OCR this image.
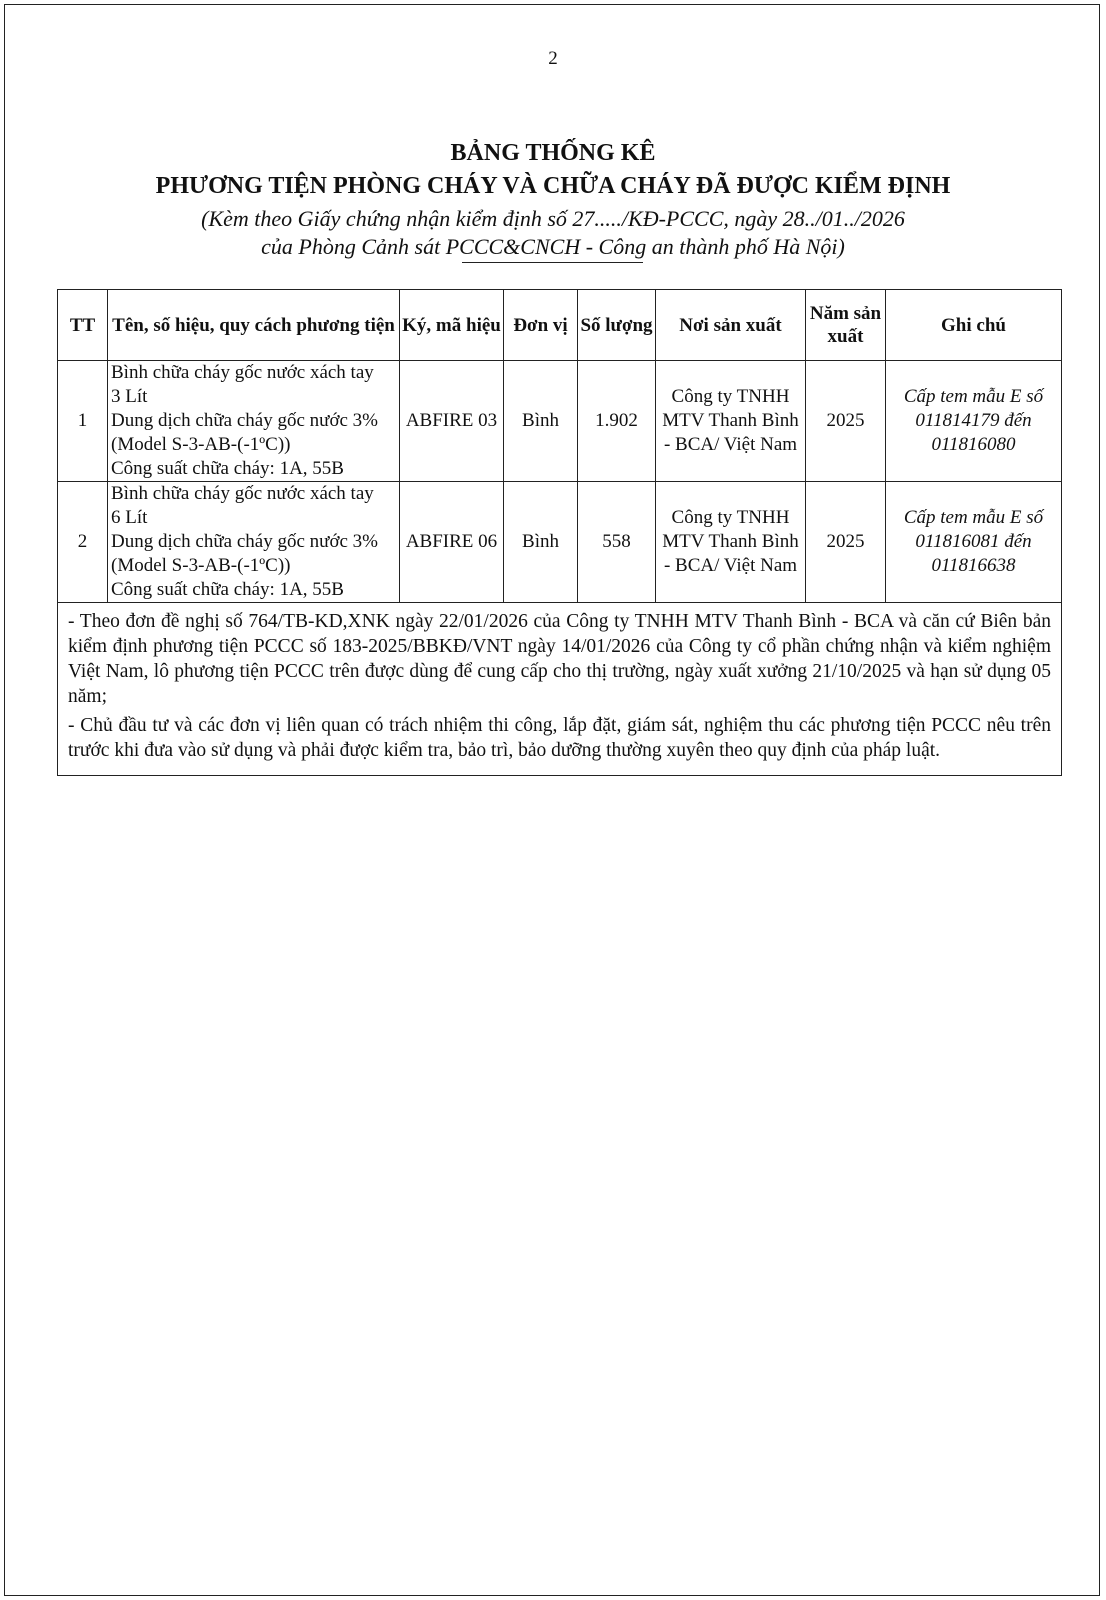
2
BẢNG THỐNG KÊ
PHƯƠNG TIỆN PHÒNG CHÁY VÀ CHỮA CHÁY ĐÃ ĐƯỢC KIỂM ĐỊNH
(Kèm theo Giấy chứng nhận kiểm định số 27...../KĐ-PCCC, ngày 28../01../2026
của Phòng Cảnh sát PCCC&CNCH - Công an thành phố Hà Nội)
TT	Tên, số hiệu, quy cách phương tiện	Ký, mã hiệu	Đơn vị	Số lượng	Nơi sản xuất	Năm sản xuất	Ghi chú
1	Bình chữa cháy gốc nước xách tay
3 Lít
Dung dịch chữa cháy gốc nước 3%
(Model S-3-AB-(-1ºC))
Công suất chữa cháy: 1A, 55B	ABFIRE 03	Bình	1.902	Công ty TNHH MTV Thanh Bình - BCA/ Việt Nam	2025	Cấp tem mẫu E số 011814179 đến 011816080
2	Bình chữa cháy gốc nước xách tay
6 Lít
Dung dịch chữa cháy gốc nước 3%
(Model S-3-AB-(-1ºC))
Công suất chữa cháy: 1A, 55B	ABFIRE 06	Bình	558	Công ty TNHH MTV Thanh Bình - BCA/ Việt Nam	2025	Cấp tem mẫu E số 011816081 đến 011816638

- Theo đơn đề nghị số 764/TB-KD,XNK ngày 22/01/2026 của Công ty TNHH MTV Thanh Bình - BCA và căn cứ Biên bản kiểm định phương tiện PCCC số 183-2025/BBKĐ/VNT ngày 14/01/2026 của Công ty cổ phần chứng nhận và kiểm nghiệm Việt Nam, lô phương tiện PCCC trên được dùng để cung cấp cho thị trường, ngày xuất xưởng 21/10/2025 và hạn sử dụng 05 năm;
- Chủ đầu tư và các đơn vị liên quan có trách nhiệm thi công, lắp đặt, giám sát, nghiệm thu các phương tiện PCCC nêu trên trước khi đưa vào sử dụng và phải được kiểm tra, bảo trì, bảo dưỡng thường xuyên theo quy định của pháp luật.							
